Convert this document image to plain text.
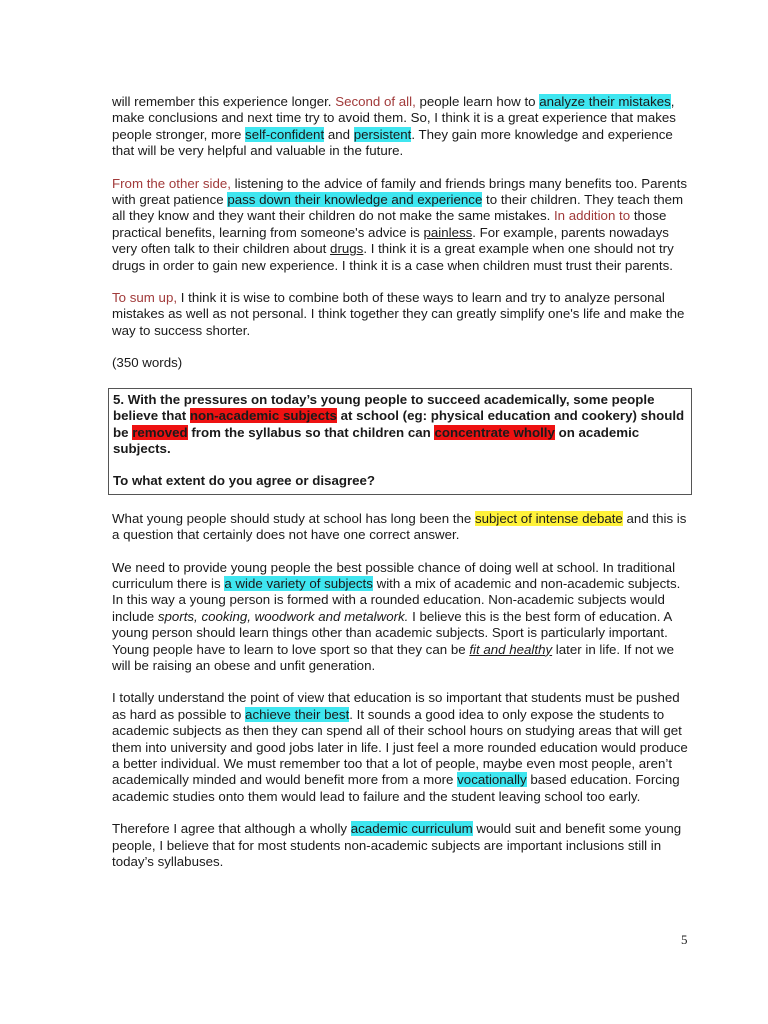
will remember this experience longer. Second of all, people learn how to analyze their mistakes, make conclusions and next time try to avoid them. So, I think it is a great experience that makes people stronger, more self-confident and persistent. They gain more knowledge and experience that will be very helpful and valuable in the future.

From the other side, listening to the advice of family and friends brings many benefits too. Parents with great patience pass down their knowledge and experience to their children. They teach them all they know and they want their children do not make the same mistakes. In addition to those practical benefits, learning from someone's advice is painless. For example, parents nowadays very often talk to their children about drugs. I think it is a great example when one should not try drugs in order to gain new experience. I think it is a case when children must trust their parents.

To sum up, I think it is wise to combine both of these ways to learn and try to analyze personal mistakes as well as not personal. I think together they can greatly simplify one's life and make the way to success shorter.

(350 words)

5. With the pressures on today’s young people to succeed academically, some people believe that non-academic subjects at school (eg: physical education and cookery) should be removed from the syllabus so that children can concentrate wholly on academic subjects.

To what extent do you agree or disagree?

What young people should study at school has long been the subject of intense debate and this is a question that certainly does not have one correct answer.

We need to provide young people the best possible chance of doing well at school. In traditional curriculum there is a wide variety of subjects with a mix of academic and non-academic subjects. In this way a young person is formed with a rounded education. Non-academic subjects would include sports, cooking, woodwork and metalwork. I believe this is the best form of education. A young person should learn things other than academic subjects. Sport is particularly important. Young people have to learn to love sport so that they can be fit and healthy later in life. If not we will be raising an obese and unfit generation.

I totally understand the point of view that education is so important that students must be pushed as hard as possible to achieve their best. It sounds a good idea to only expose the students to academic subjects as then they can spend all of their school hours on studying areas that will get them into university and good jobs later in life. I just feel a more rounded education would produce a better individual. We must remember too that a lot of people, maybe even most people, aren’t academically minded and would benefit more from a more vocationally based education. Forcing academic studies onto them would lead to failure and the student leaving school too early.

Therefore I agree that although a wholly academic curriculum would suit and benefit some young people, I believe that for most students non-academic subjects are important inclusions still in today’s syllabuses.

5
